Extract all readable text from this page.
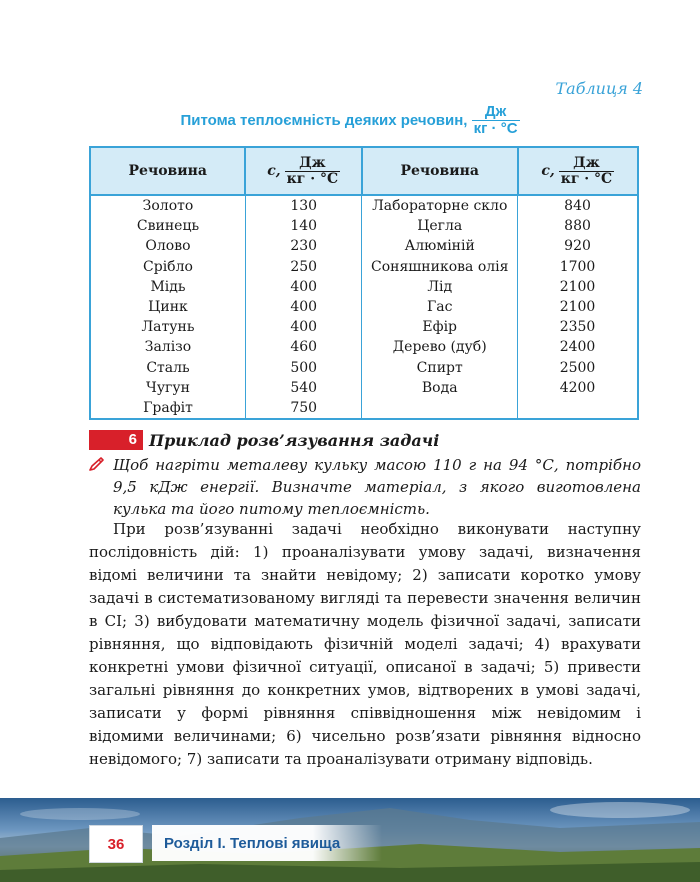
Таблиця 4
Питома теплоємність деяких речовин, $\frac{Дж}{кг \cdot ^\circ С}$
Речовина	c, $\frac{Дж}{кг \cdot ^\circ С}$	Речовина	c, $\frac{Дж}{кг \cdot ^\circ С}$

Золото	130	Лабораторне скло	840
Свинець	140	Цегла	880
Олово	230	Алюміній	920
Срібло	250	Соняшникова олія	1700
Мідь	400	Лід	2100
Цинк	400	Гас	2100
Латунь	400	Ефір	2350
Залізо	460	Дерево (дуб)	2400
Сталь	500	Спирт	2500
Чугун	540	Вода	4200
Графіт	750		
6 Приклад розв’язування задачі
Щоб нагріти металеву кульку масою 110 г на 94 °С, потрібно 9,5 кДж енергії. Визначте матеріал, з якого виготовлена кулька та його питому теплоємність.
При розв’язуванні задачі необхідно виконувати наступну послідовність дій: 1) проаналізувати умову задачі, визначення відомі величини та знайти невідому; 2) записати коротко умову задачі в систематизованому вигляді та перевести значення величин в СІ; 3) вибудовати математичну модель фізичної задачі, записати рівняння, що відповідають фізичній моделі задачі; 4) врахувати конкретні умови фізичної ситуації, описаної в задачі; 5) привести загальні рівняння до конкретних умов, відтворених в умові задачі, записати у формі рівняння співвідношення між невідомим і відомими величинами; 6) чисельно розв’язати рівняння відносно невідомого; 7) записати та проаналізувати отриману відповідь.
36	Розділ І. Теплові явища
